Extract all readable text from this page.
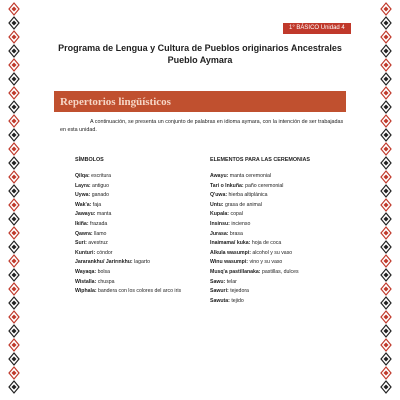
1° BÁSICO Unidad 4
Programa de Lengua y Cultura de Pueblos originarios Ancestrales
Pueblo Aymara
Repertorios lingüísticos
A continuación, se presenta un conjunto de palabras en idioma aymara, con la intención de ser trabajadas en esta unidad.
SÍMBOLOS
Qilqa: escritura
Layra: antiguo
Uywa: ganado
Wak'a: faja
Jawayu: manta
Ikiña: frazada
Qawra: llamo
Suri: avestruz
Kunturi: cóndor
Jararankhu/ Jarirınkhu: lagarto
Wayaqa: bolsa
Wistalla: chuspa
Wiphala: bandera con los colores del arco iris
ELEMENTOS PARA LAS CEREMONIAS
Awayu: manta ceremonial
Tari o Inkuña: paño ceremonial
Q'uwa: hierba altiplánica
Untu: grasa de animal
Kupala: copal
Insinsu: incienso
Jurasa: brasa
Inaimama/ kuka: hoja de coca
Alkula wasumpi: alcohol y su vaso
Winu wasumpi: vino y su vaso
Musq'a pastillanaka: pastillas, dulces
Sawu: telar
Sawuri: tejedora
Sawuta: tejido
